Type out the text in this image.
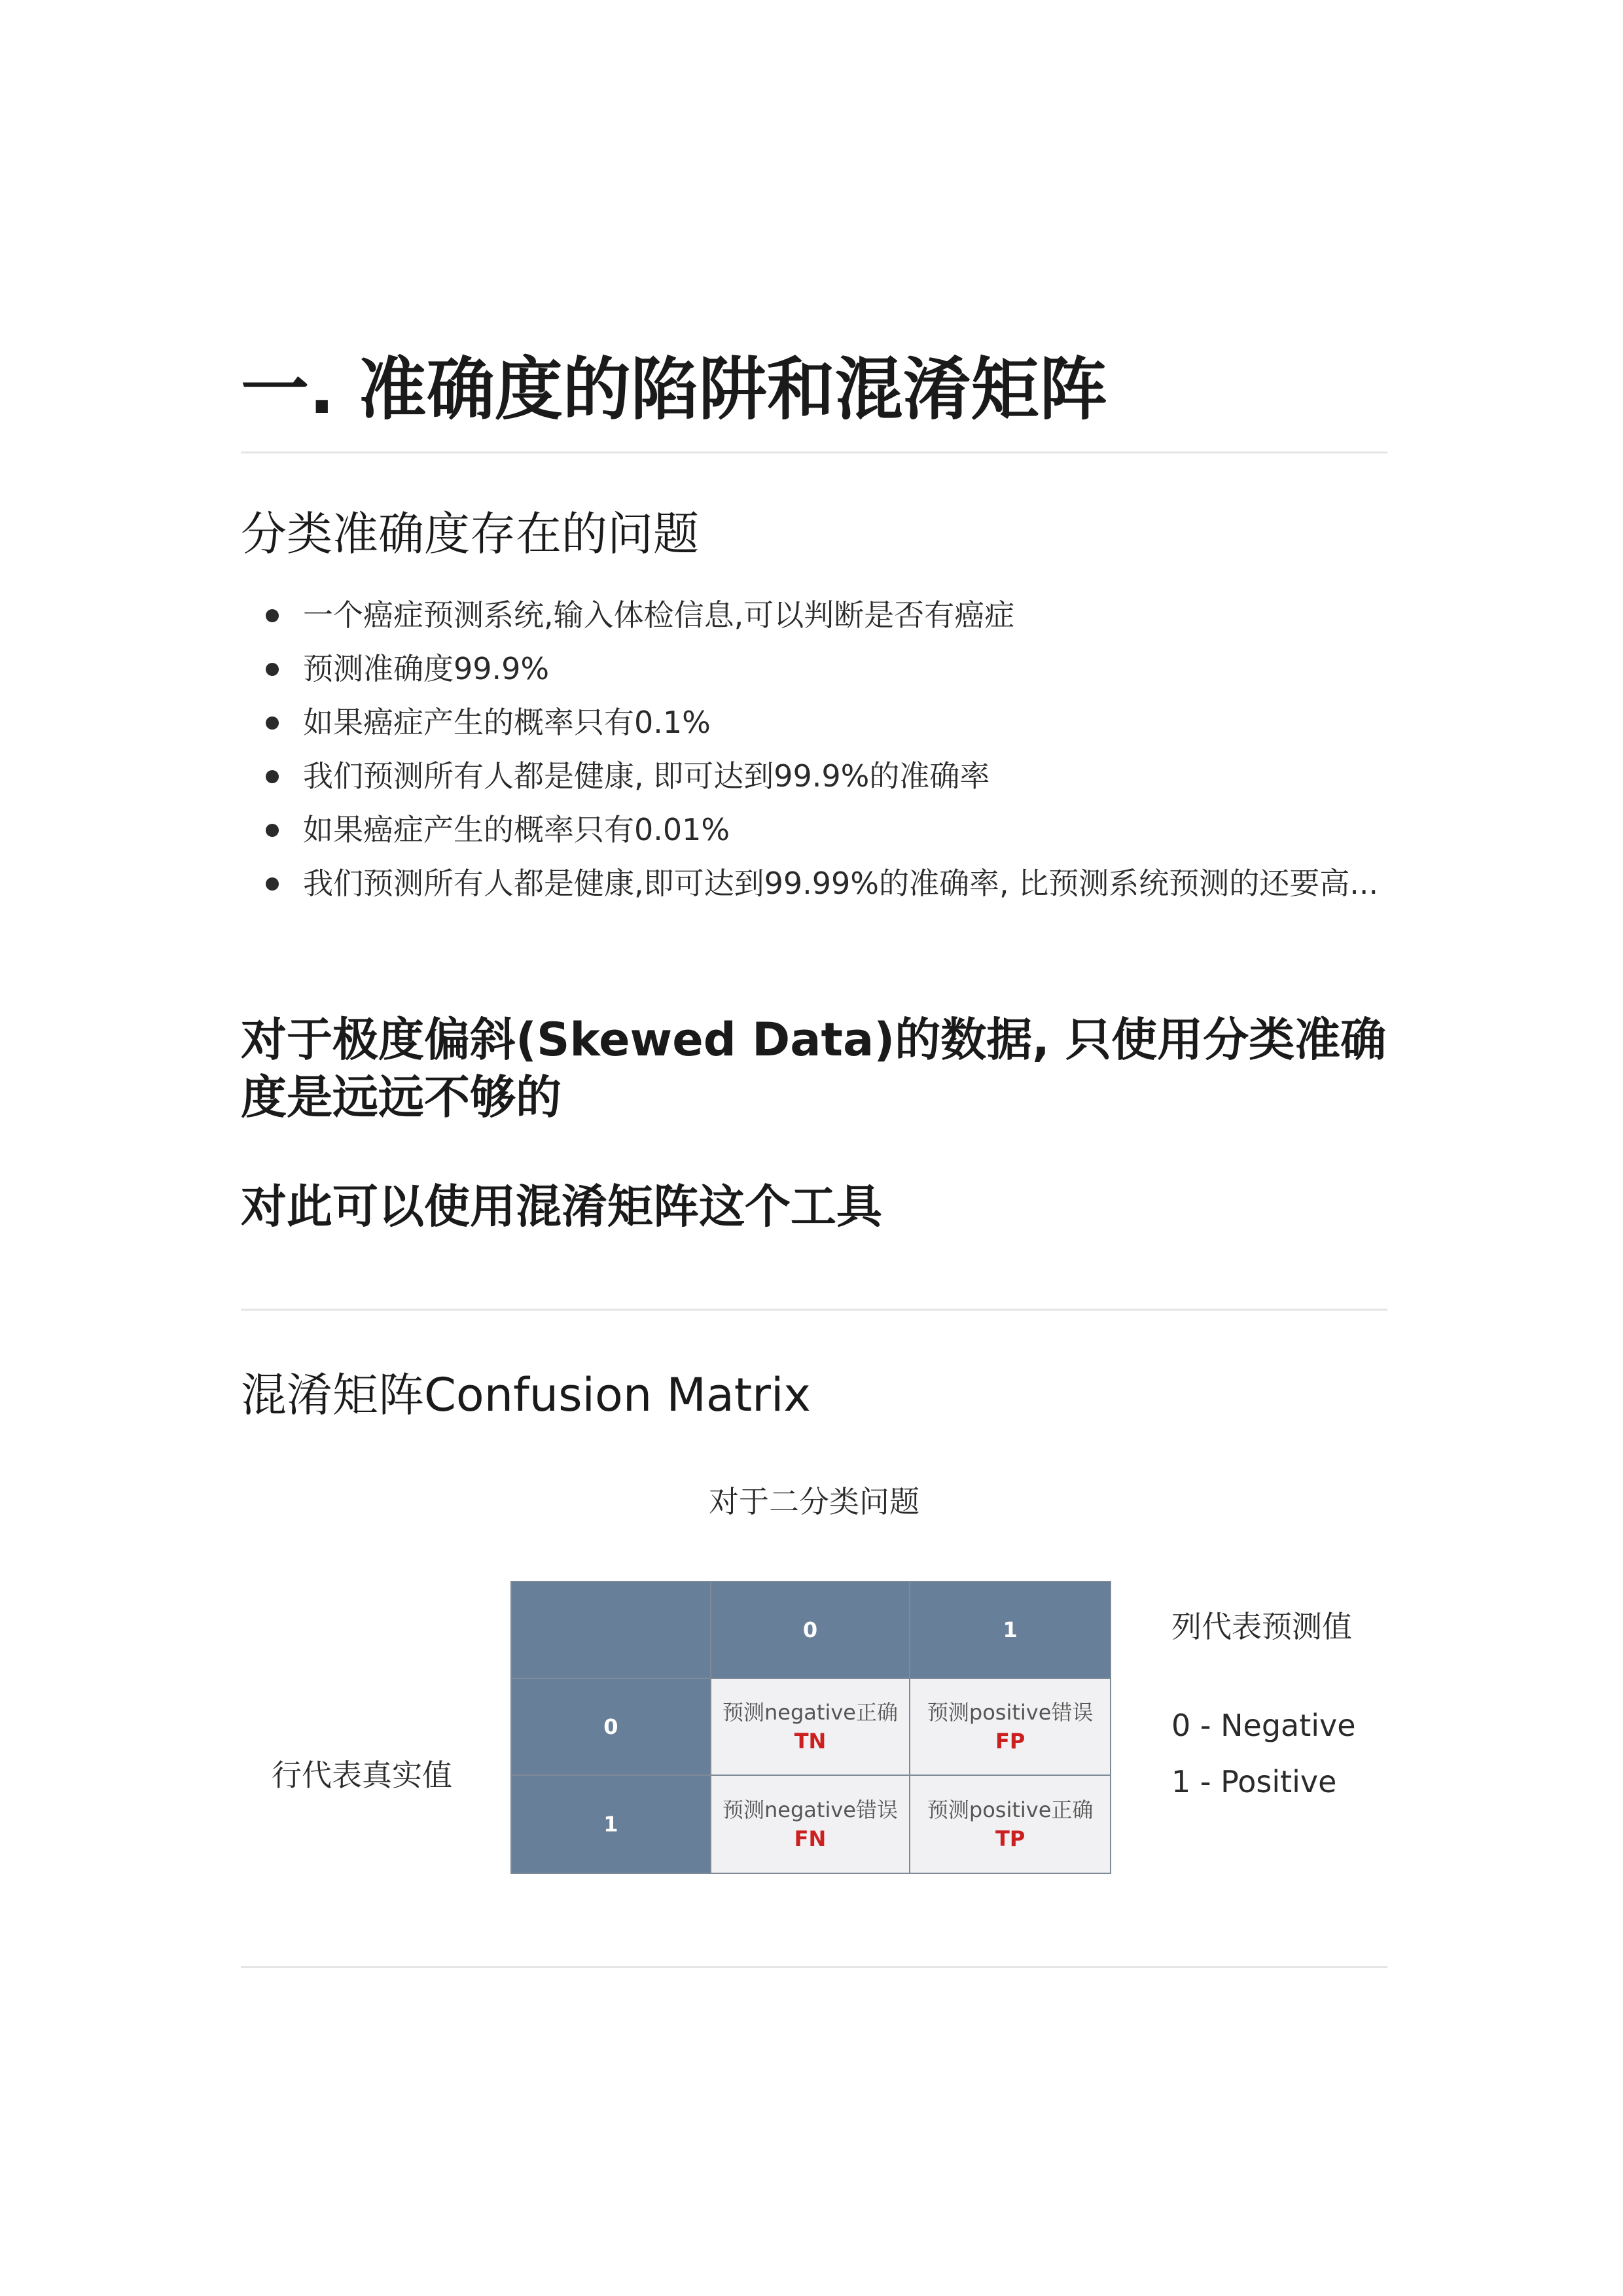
一. 准确度的陷阱和混淆矩阵
分类准确度存在的问题
一个癌症预测系统,输入体检信息,可以判断是否有癌症
预测准确度99.9%
如果癌症产生的概率只有0.1%
我们预测所有人都是健康, 即可达到99.9%的准确率
如果癌症产生的概率只有0.01%
我们预测所有人都是健康,即可达到99.99%的准确率, 比预测系统预测的还要高...
对于极度偏斜(Skewed Data)的数据, 只使用分类准确度是远远不够的
对此可以使用混淆矩阵这个工具
混淆矩阵Confusion Matrix
对于二分类问题
行代表真实值
0	1
0
预测negative正确
TN
预测positive错误
FP
1
预测negative错误
FN
预测positive正确
TP
列代表预测值
0 - Negative
1 - Positive
